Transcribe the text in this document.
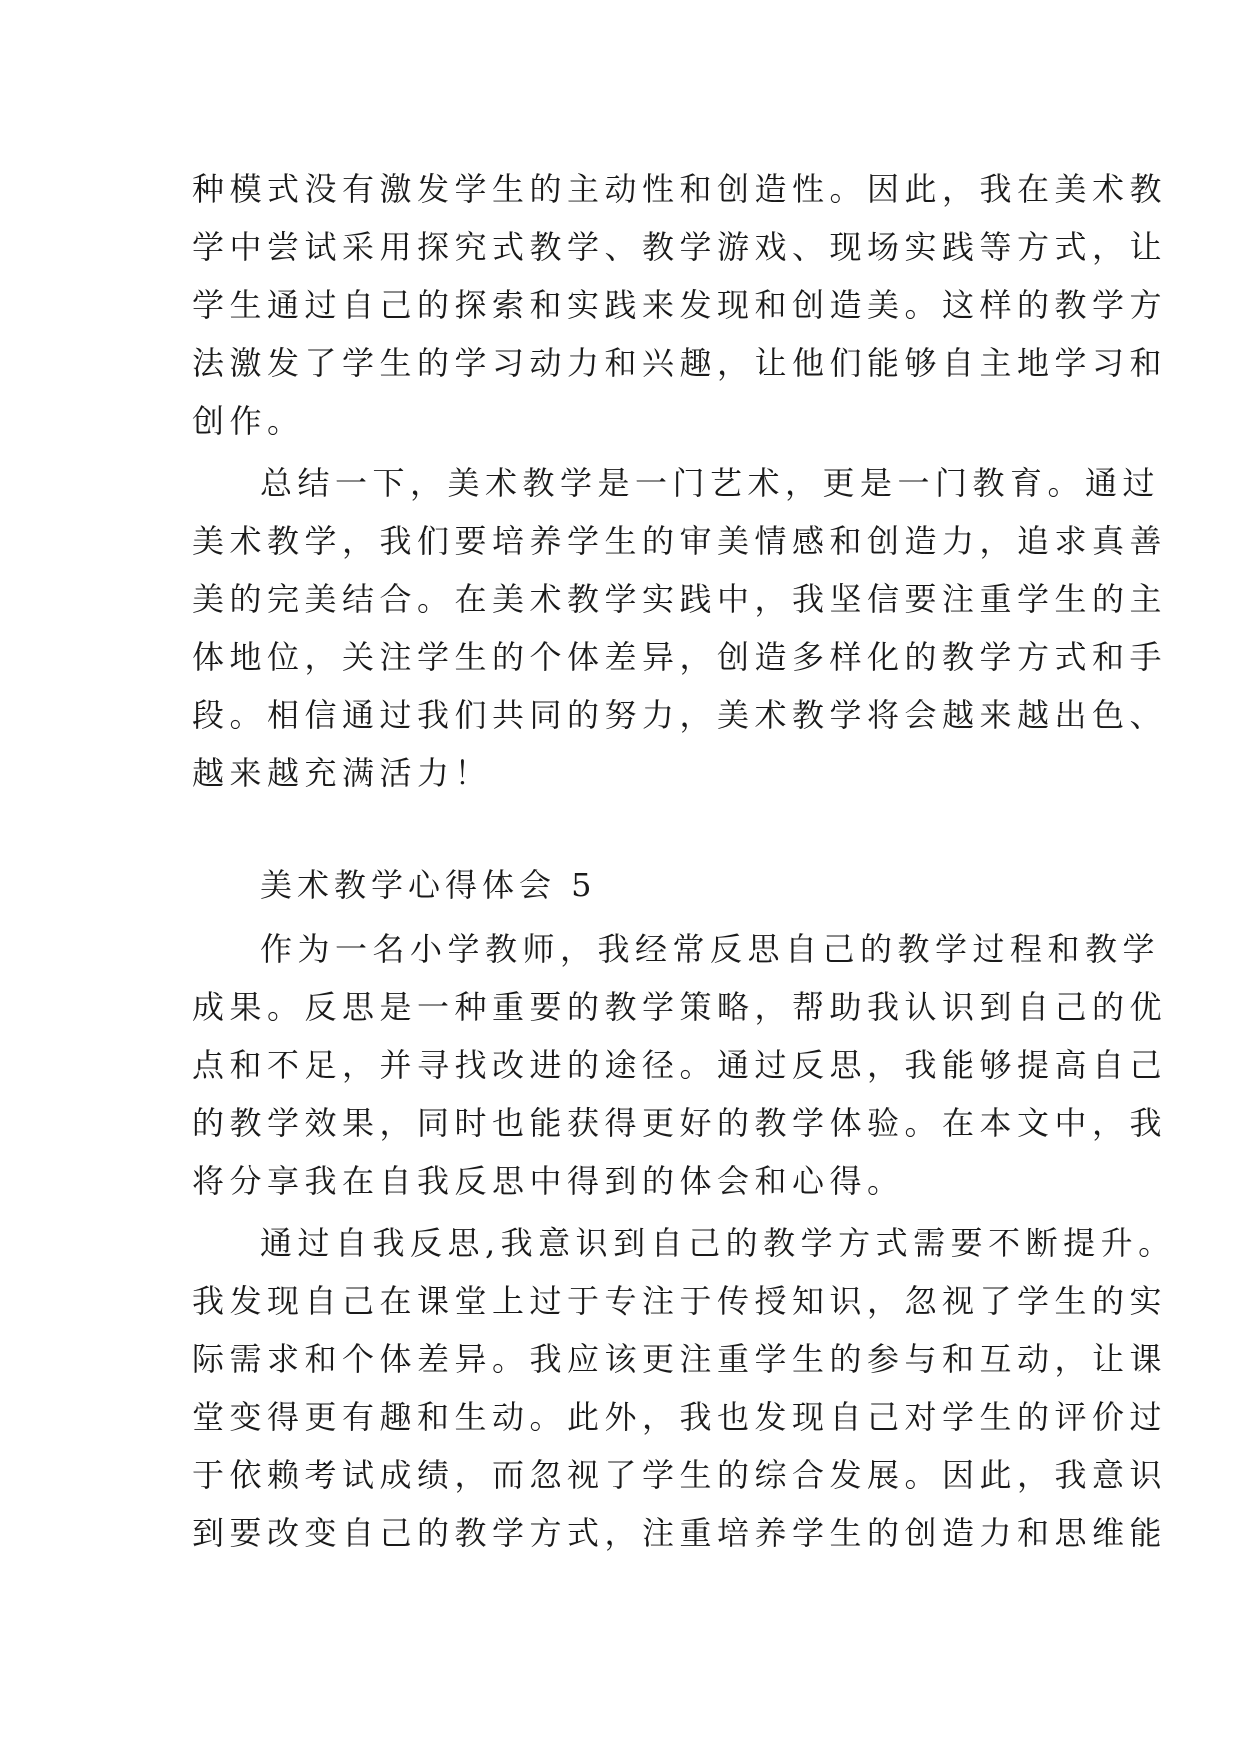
种模式没有激发学生的主动性和创造性。因此，我在美术教
学中尝试采用探究式教学、教学游戏、现场实践等方式，让
学生通过自己的探索和实践来发现和创造美。这样的教学方
法激发了学生的学习动力和兴趣，让他们能够自主地学习和
创作。
总结一下，美术教学是一门艺术，更是一门教育。通过
美术教学，我们要培养学生的审美情感和创造力，追求真善
美的完美结合。在美术教学实践中，我坚信要注重学生的主
体地位，关注学生的个体差异，创造多样化的教学方式和手
段。相信通过我们共同的努力，美术教学将会越来越出色、
越来越充满活力！
美术教学心得体会 5
作为一名小学教师，我经常反思自己的教学过程和教学
成果。反思是一种重要的教学策略，帮助我认识到自己的优
点和不足，并寻找改进的途径。通过反思，我能够提高自己
的教学效果，同时也能获得更好的教学体验。在本文中，我
将分享我在自我反思中得到的体会和心得。
通过自我反思,我意识到自己的教学方式需要不断提升。
我发现自己在课堂上过于专注于传授知识，忽视了学生的实
际需求和个体差异。我应该更注重学生的参与和互动，让课
堂变得更有趣和生动。此外，我也发现自己对学生的评价过
于依赖考试成绩，而忽视了学生的综合发展。因此，我意识
到要改变自己的教学方式，注重培养学生的创造力和思维能
